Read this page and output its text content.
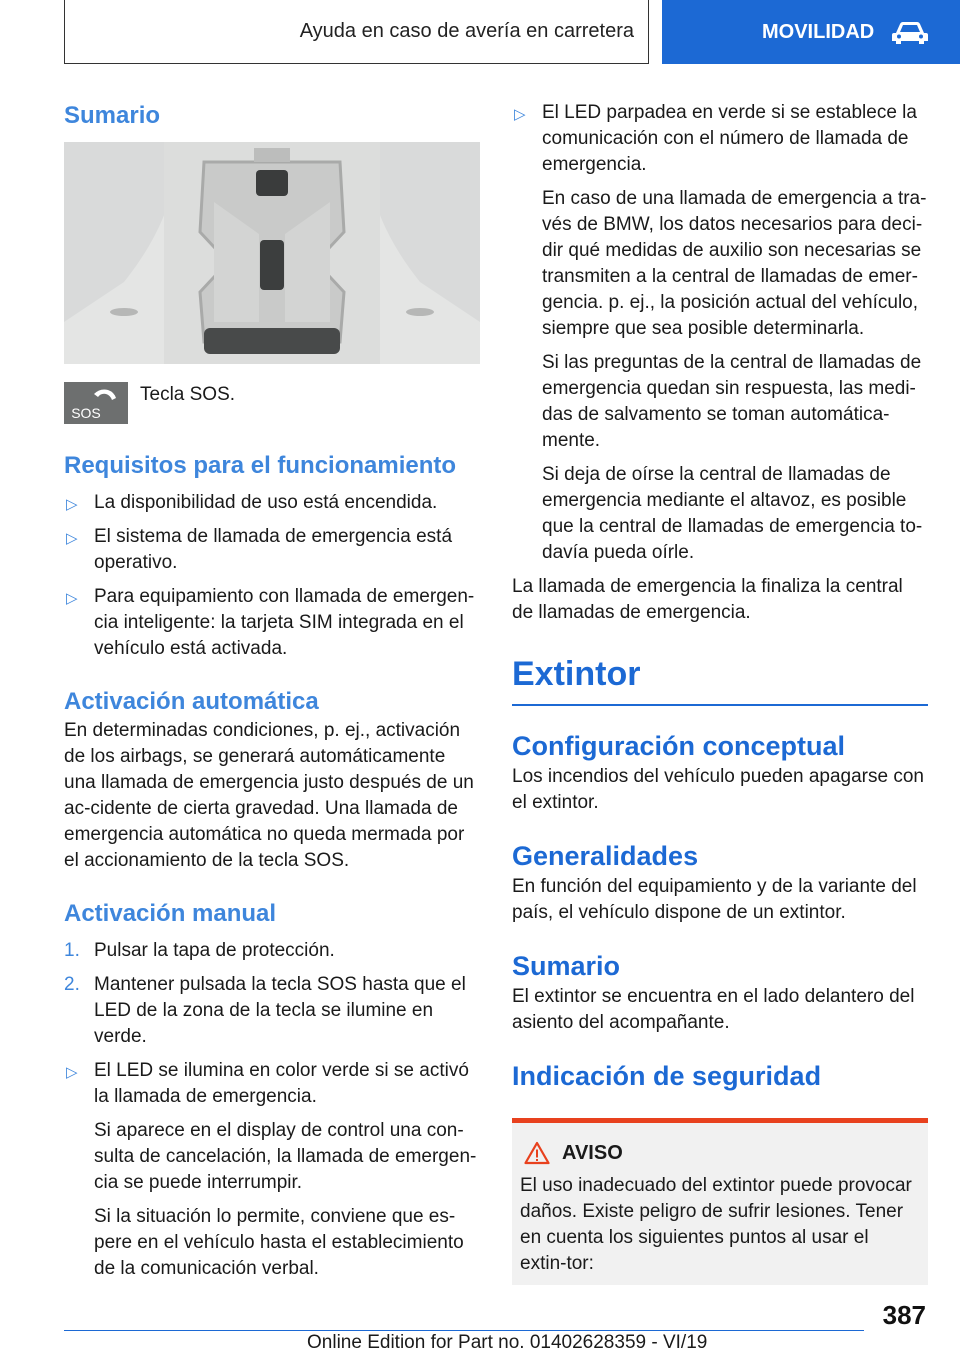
Ayuda en caso de avería en carretera	MOVILIDAD
Sumario
SOS
Tecla SOS.
Requisitos para el funcionamiento
▷ La disponibilidad de uso está encendida.
▷ El sistema de llamada de emergencia está operativo.
▷ Para equipamiento con llamada de emergen-cia inteligente: la tarjeta SIM integrada en el vehículo está activada.
Activación automática

En determinadas condiciones, p. ej., activación de los airbags, se generará automáticamente una llamada de emergencia justo después de un ac-cidente de cierta gravedad. Una llamada de emergencia automática no queda mermada por el accionamiento de la tecla SOS.

Activación manual
1. Pulsar la tapa de protección.
2. Mantener pulsada la tecla SOS hasta que el LED de la zona de la tecla se ilumine en verde.
▷ El LED se ilumina en color verde si se activó la llamada de emergencia.

Si aparece en el display de control una con-sulta de cancelación, la llamada de emergen-cia se puede interrumpir.

Si la situación lo permite, conviene que es-pere en el vehículo hasta el establecimiento de la comunicación verbal.

▷ El LED parpadea en verde si se establece la comunicación con el número de llamada de emergencia.

En caso de una llamada de emergencia a tra-vés de BMW, los datos necesarios para deci-dir qué medidas de auxilio son necesarias se transmiten a la central de llamadas de emer-gencia. p. ej., la posición actual del vehículo, siempre que sea posible determinarla.

Si las preguntas de la central de llamadas de emergencia quedan sin respuesta, las medi-das de salvamento se toman automática-mente.

Si deja de oírse la central de llamadas de emergencia mediante el altavoz, es posible que la central de llamadas de emergencia to-davía pueda oírle.

La llamada de emergencia la finaliza la central de llamadas de emergencia.

Extintor
Configuración conceptual

Los incendios del vehículo pueden apagarse con el extintor.

Generalidades

En función del equipamiento y de la variante del país, el vehículo dispone de un extintor.

Sumario

El extintor se encuentra en el lado delantero del asiento del acompañante.

Indicación de seguridad
AVISO

El uso inadecuado del extintor puede provocar daños. Existe peligro de sufrir lesiones. Tener en cuenta los siguientes puntos al usar el extin-tor:

387
Online Edition for Part no. 01402628359 - VI/19
